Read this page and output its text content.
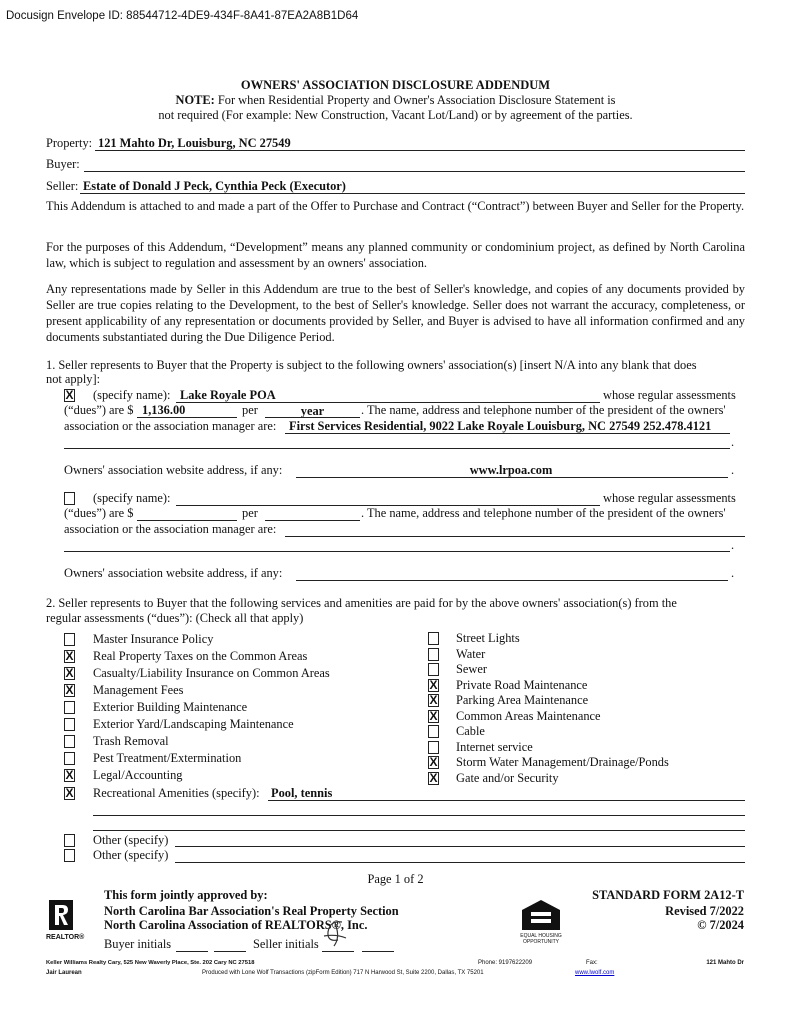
Docusign Envelope ID: 88544712-4DE9-434F-8A41-87EA2A8B1D64
OWNERS' ASSOCIATION DISCLOSURE ADDENDUM
NOTE: For when Residential Property and Owner's Association Disclosure Statement is
not required (For example: New Construction, Vacant Lot/Land) or by agreement of the parties.
Property: 121 Mahto Dr, Louisburg, NC 27549
Buyer:
Seller: Estate of Donald J Peck, Cynthia Peck (Executor)
This Addendum is attached to and made a part of the Offer to Purchase and Contract (“Contract”) between Buyer and Seller for the Property.
For the purposes of this Addendum, “Development” means any planned community or condominium project, as defined by North Carolina law, which is subject to regulation and assessment by an owners' association.
Any representations made by Seller in this Addendum are true to the best of Seller's knowledge, and copies of any documents provided by Seller are true copies relating to the Development, to the best of Seller's knowledge. Seller does not warrant the accuracy, completeness, or present applicability of any representation or documents provided by Seller, and Buyer is advised to have all information confirmed and any documents substantiated during the Due Diligence Period.
1. Seller represents to Buyer that the Property is subject to the following owners' association(s) [insert N/A into any blank that does
not apply]:
X (specify name): Lake Royale POA	whose regular assessments
(“dues”) are $ 1,136.00	per	year	. The name, address and telephone number of the president of the owners'
association or the association manager are: First Services Residential, 9022 Lake Royale Louisburg, NC 27549 252.478.4121
.
Owners' association website address, if any:	www.lrpoa.com	.
(specify name):	whose regular assessments
(“dues”) are $	per	. The name, address and telephone number of the president of the owners'
association or the association manager are:
.
Owners' association website address, if any:	.
2. Seller represents to Buyer that the following services and amenities are paid for by the above owners' association(s) from the
regular assessments (“dues”): (Check all that apply)
Master Insurance Policy
X Real Property Taxes on the Common Areas
X Casualty/Liability Insurance on Common Areas
X Management Fees
Exterior Building Maintenance
Exterior Yard/Landscaping Maintenance
Trash Removal
Pest Treatment/Extermination
X Legal/Accounting
Street Lights
Water
Sewer
X Private Road Maintenance
X Parking Area Maintenance
X Common Areas Maintenance
Cable
Internet service
X Storm Water Management/Drainage/Ponds
X Gate and/or Security
X Recreational Amenities (specify): Pool, tennis
Other (specify)
Other (specify)
Page 1 of 2
This form jointly approved by:
North Carolina Bar Association's Real Property Section
North Carolina Association of REALTORS®, Inc.
REALTOR®	EQUAL HOUSING OPPORTUNITY
STANDARD FORM 2A12-T
Revised 7/2022
© 7/2024
Buyer initials	Seller initials
Keller Williams Realty Cary, 525 New Waverly Place, Ste. 202 Cary NC 27518	Phone: 9197622209	Fax:	121 Mahto Dr
Jair Laurean	Produced with Lone Wolf Transactions (zipForm Edition) 717 N Harwood St, Suite 2200, Dallas, TX 75201	www.lwolf.com
